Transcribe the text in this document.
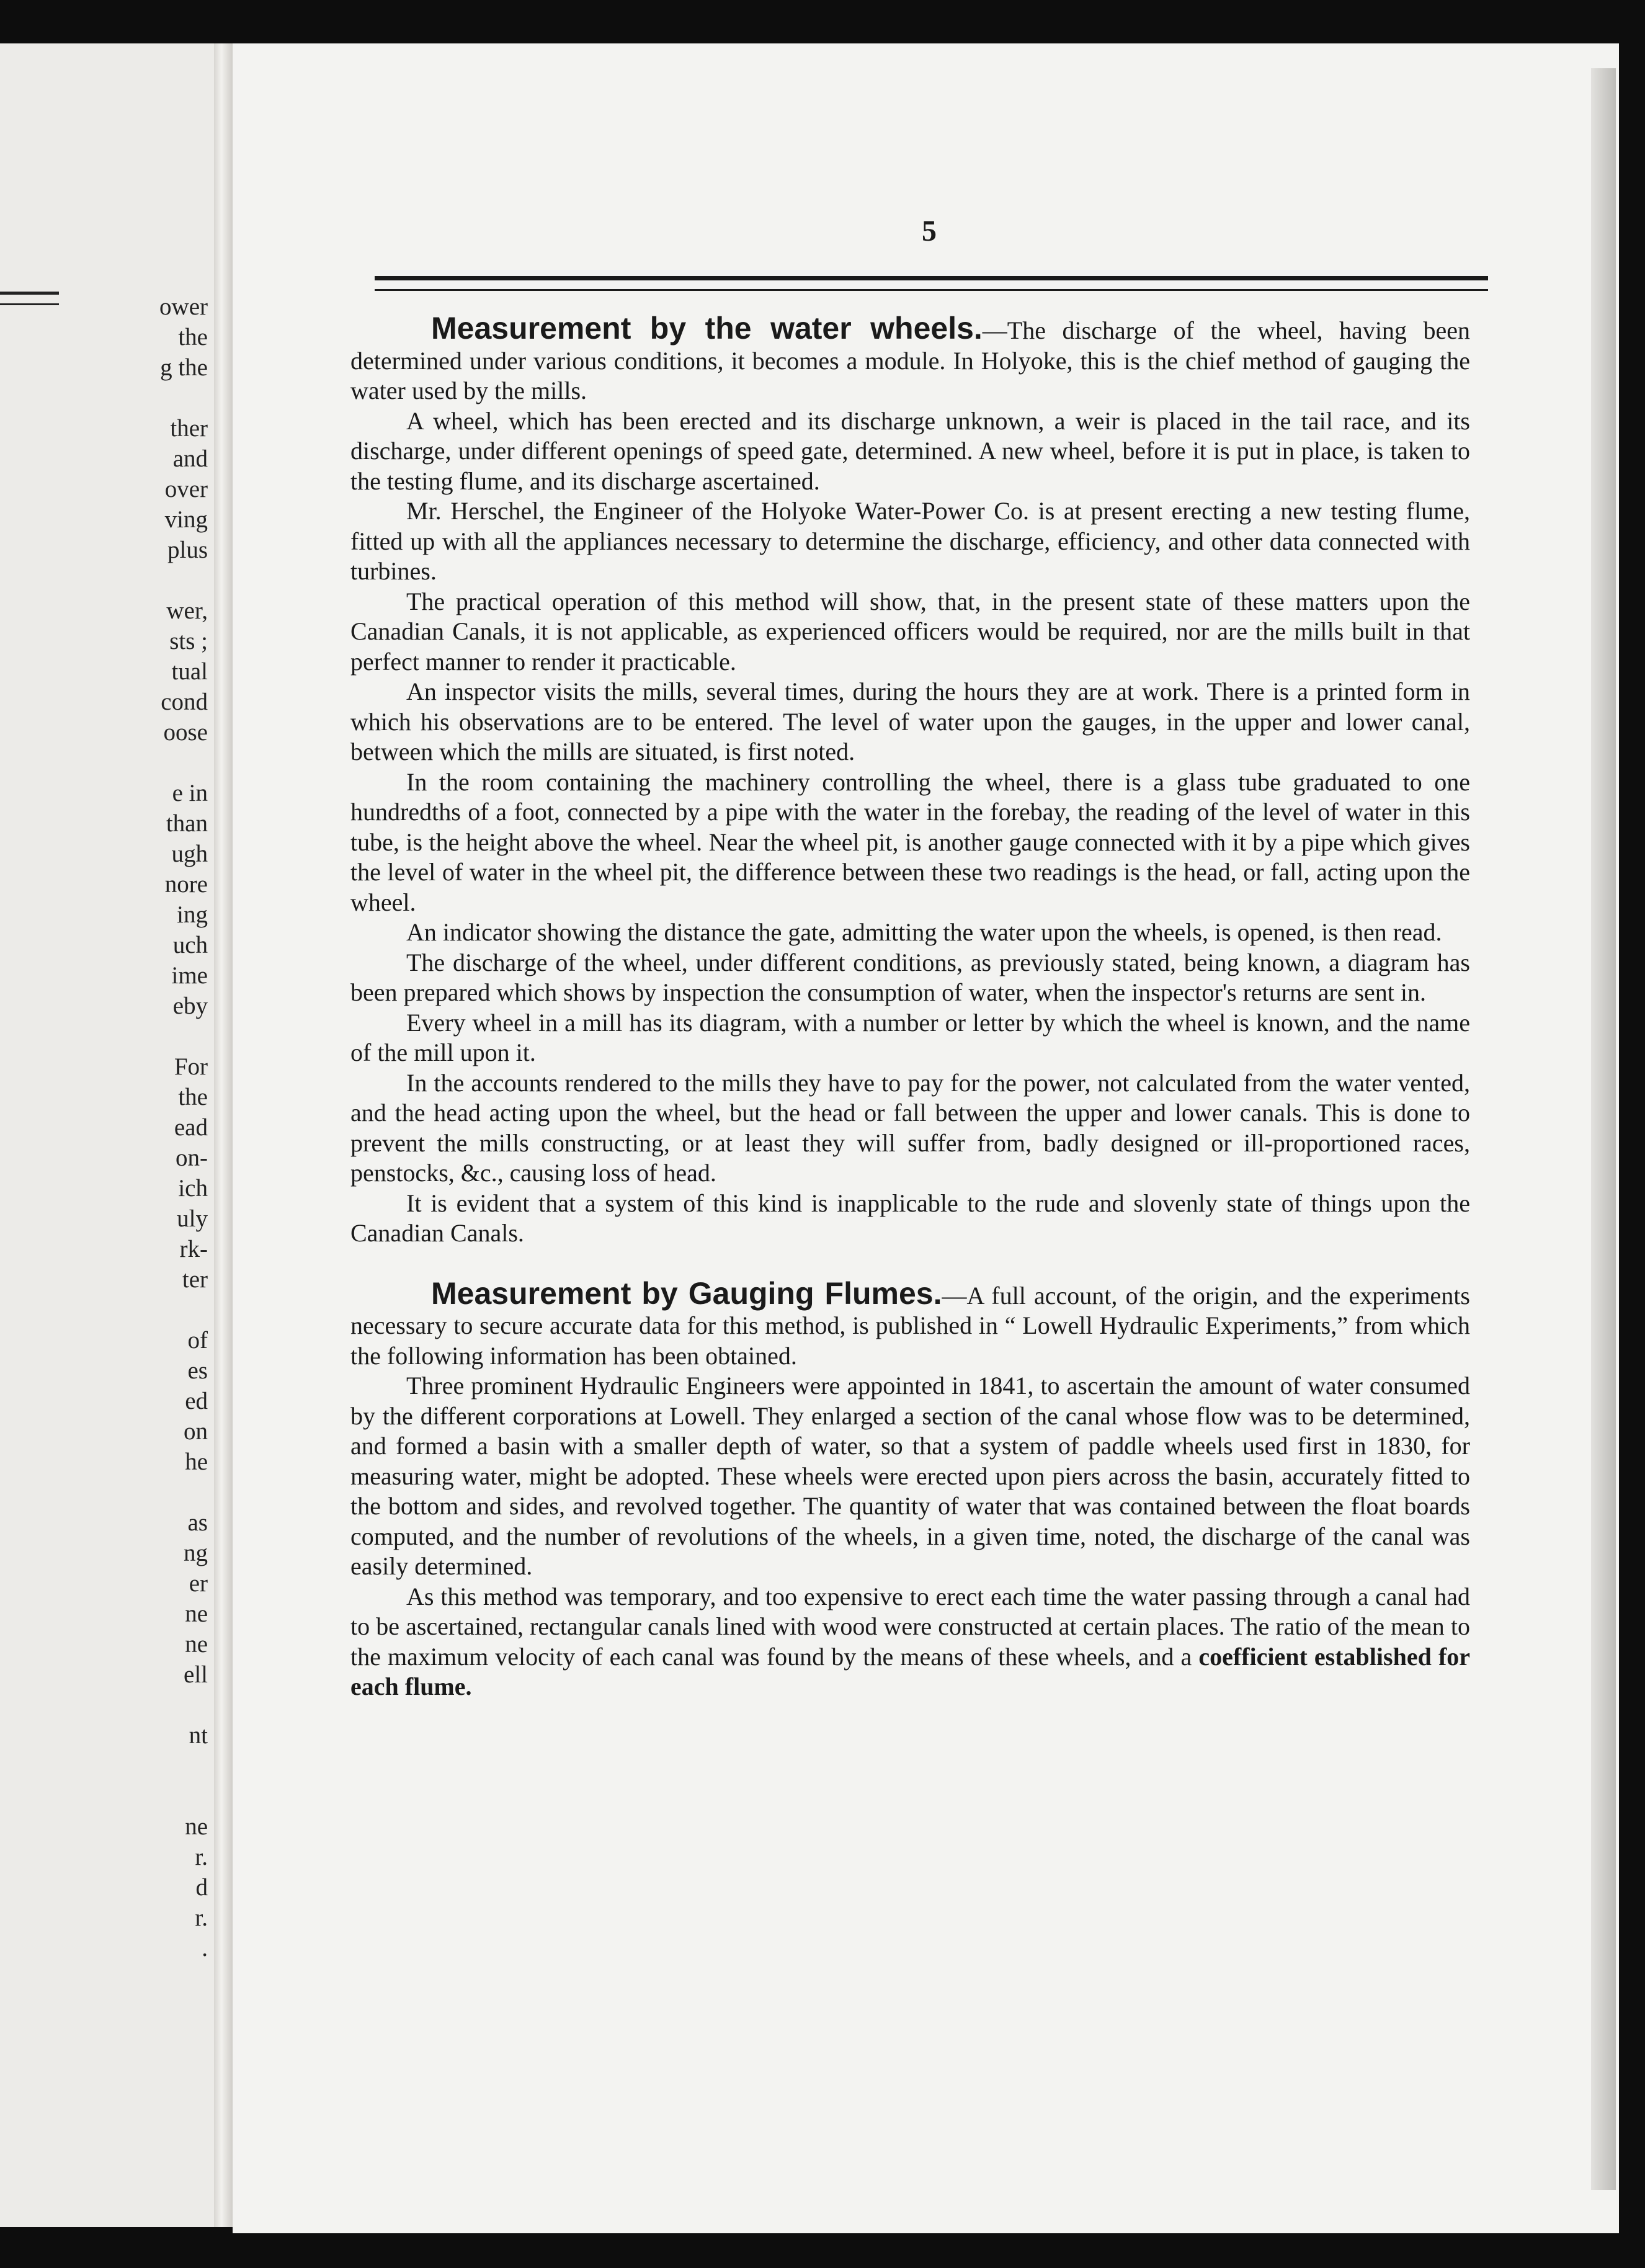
ower
the
g the

ther
and
over
ving
plus

wer,
sts ;
tual
cond
oose

e in
than
ugh
nore
ing
uch
ime
eby

For
the
ead
on-
ich
uly
rk-
ter

of
es
ed
on
he

as
ng
er
ne
ne
ell

nt

ne
r.
d
r.
.
5

Measurement by the water wheels.—The discharge of the wheel, having been determined under various conditions, it becomes a module. In Holyoke, this is the chief method of gauging the water used by the mills.

A wheel, which has been erected and its discharge unknown, a weir is placed in the tail race, and its discharge, under different openings of speed gate, determined. A new wheel, before it is put in place, is taken to the testing flume, and its discharge ascertained.

Mr. Herschel, the Engineer of the Holyoke Water-Power Co. is at present erecting a new testing flume, fitted up with all the appliances necessary to determine the discharge, efficiency, and other data connected with turbines.

The practical operation of this method will show, that, in the present state of these matters upon the Canadian Canals, it is not applicable, as experienced officers would be required, nor are the mills built in that perfect manner to render it practicable.

An inspector visits the mills, several times, during the hours they are at work. There is a printed form in which his observations are to be entered. The level of water upon the gauges, in the upper and lower canal, between which the mills are situated, is first noted.

In the room containing the machinery controlling the wheel, there is a glass tube graduated to one hundredths of a foot, connected by a pipe with the water in the forebay, the reading of the level of water in this tube, is the height above the wheel. Near the wheel pit, is another gauge connected with it by a pipe which gives the level of water in the wheel pit, the difference between these two readings is the head, or fall, acting upon the wheel.

An indicator showing the distance the gate, admitting the water upon the wheels, is opened, is then read.

The discharge of the wheel, under different conditions, as previously stated, being known, a diagram has been prepared which shows by inspection the consumption of water, when the inspector's returns are sent in.

Every wheel in a mill has its diagram, with a number or letter by which the wheel is known, and the name of the mill upon it.

In the accounts rendered to the mills they have to pay for the power, not calculated from the water vented, and the head acting upon the wheel, but the head or fall between the upper and lower canals. This is done to prevent the mills constructing, or at least they will suffer from, badly designed or ill-proportioned races, penstocks, &c., causing loss of head.

It is evident that a system of this kind is inapplicable to the rude and slovenly state of things upon the Canadian Canals.

Measurement by Gauging Flumes.—A full account, of the origin, and the experiments necessary to secure accurate data for this method, is published in “ Lowell Hydraulic Experiments,” from which the following information has been obtained.

Three prominent Hydraulic Engineers were appointed in 1841, to ascertain the amount of water consumed by the different corporations at Lowell. They enlarged a section of the canal whose flow was to be determined, and formed a basin with a smaller depth of water, so that a system of paddle wheels used first in 1830, for measuring water, might be adopted. These wheels were erected upon piers across the basin, accurately fitted to the bottom and sides, and revolved together. The quantity of water that was contained between the float boards computed, and the number of revolutions of the wheels, in a given time, noted, the discharge of the canal was easily determined.

As this method was temporary, and too expensive to erect each time the water passing through a canal had to be ascertained, rectangular canals lined with wood were constructed at certain places. The ratio of the mean to the maximum velocity of each canal was found by the means of these wheels, and a coefficient established for each flume.
